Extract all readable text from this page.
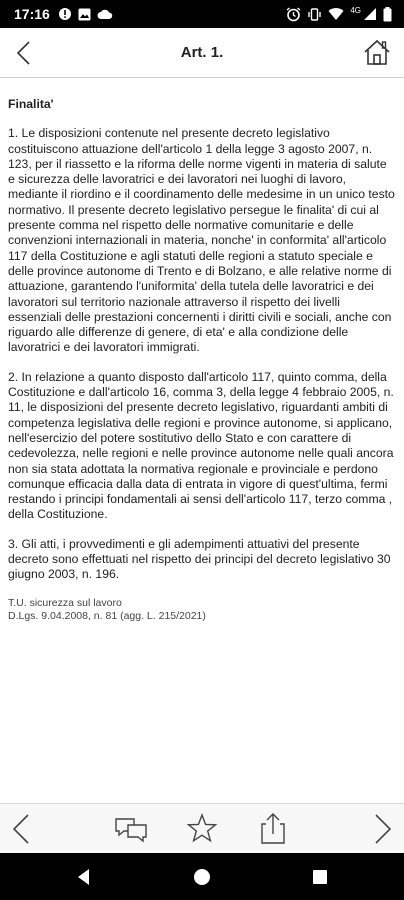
17:16	4G
Art. 1.
Finalita'

1. Le disposizioni contenute nel presente decreto legislativo costituiscono attuazione dell'articolo 1 della legge 3 agosto 2007, n. 123, per il riassetto e la riforma delle norme vigenti in materia di salute e sicurezza delle lavoratrici e dei lavoratori nei luoghi di lavoro, mediante il riordino e il coordinamento delle medesime in un unico testo normativo. Il presente decreto legislativo persegue le finalita' di cui al presente comma nel rispetto delle normative comunitarie e delle convenzioni internazionali in materia, nonche' in conformita' all'articolo 117 della Costituzione e agli statuti delle regioni a statuto speciale e delle province autonome di Trento e di Bolzano, e alle relative norme di attuazione, garantendo l'uniformita' della tutela delle lavoratrici e dei lavoratori sul territorio nazionale attraverso il rispetto dei livelli essenziali delle prestazioni concernenti i diritti civili e sociali, anche con riguardo alle differenze di genere, di eta' e alla condizione delle lavoratrici e dei lavoratori immigrati.

2. In relazione a quanto disposto dall'articolo 117, quinto comma, della Costituzione e dall'articolo 16, comma 3, della legge 4 febbraio 2005, n. 11, le disposizioni del presente decreto legislativo, riguardanti ambiti di competenza legislativa delle regioni e province autonome, si applicano, nell'esercizio del potere sostitutivo dello Stato e con carattere di cedevolezza, nelle regioni e nelle province autonome nelle quali ancora non sia stata adottata la normativa regionale e provinciale e perdono comunque efficacia dalla data di entrata in vigore di quest'ultima, fermi restando i principi fondamentali ai sensi dell'articolo 117, terzo comma , della Costituzione.

3. Gli atti, i provvedimenti e gli adempimenti attuativi del presente decreto sono effettuati nel rispetto dei principi del decreto legislativo 30 giugno 2003, n. 196.

T.U. sicurezza sul lavoro
D.Lgs. 9.04.2008, n. 81 (agg. L. 215/2021)
